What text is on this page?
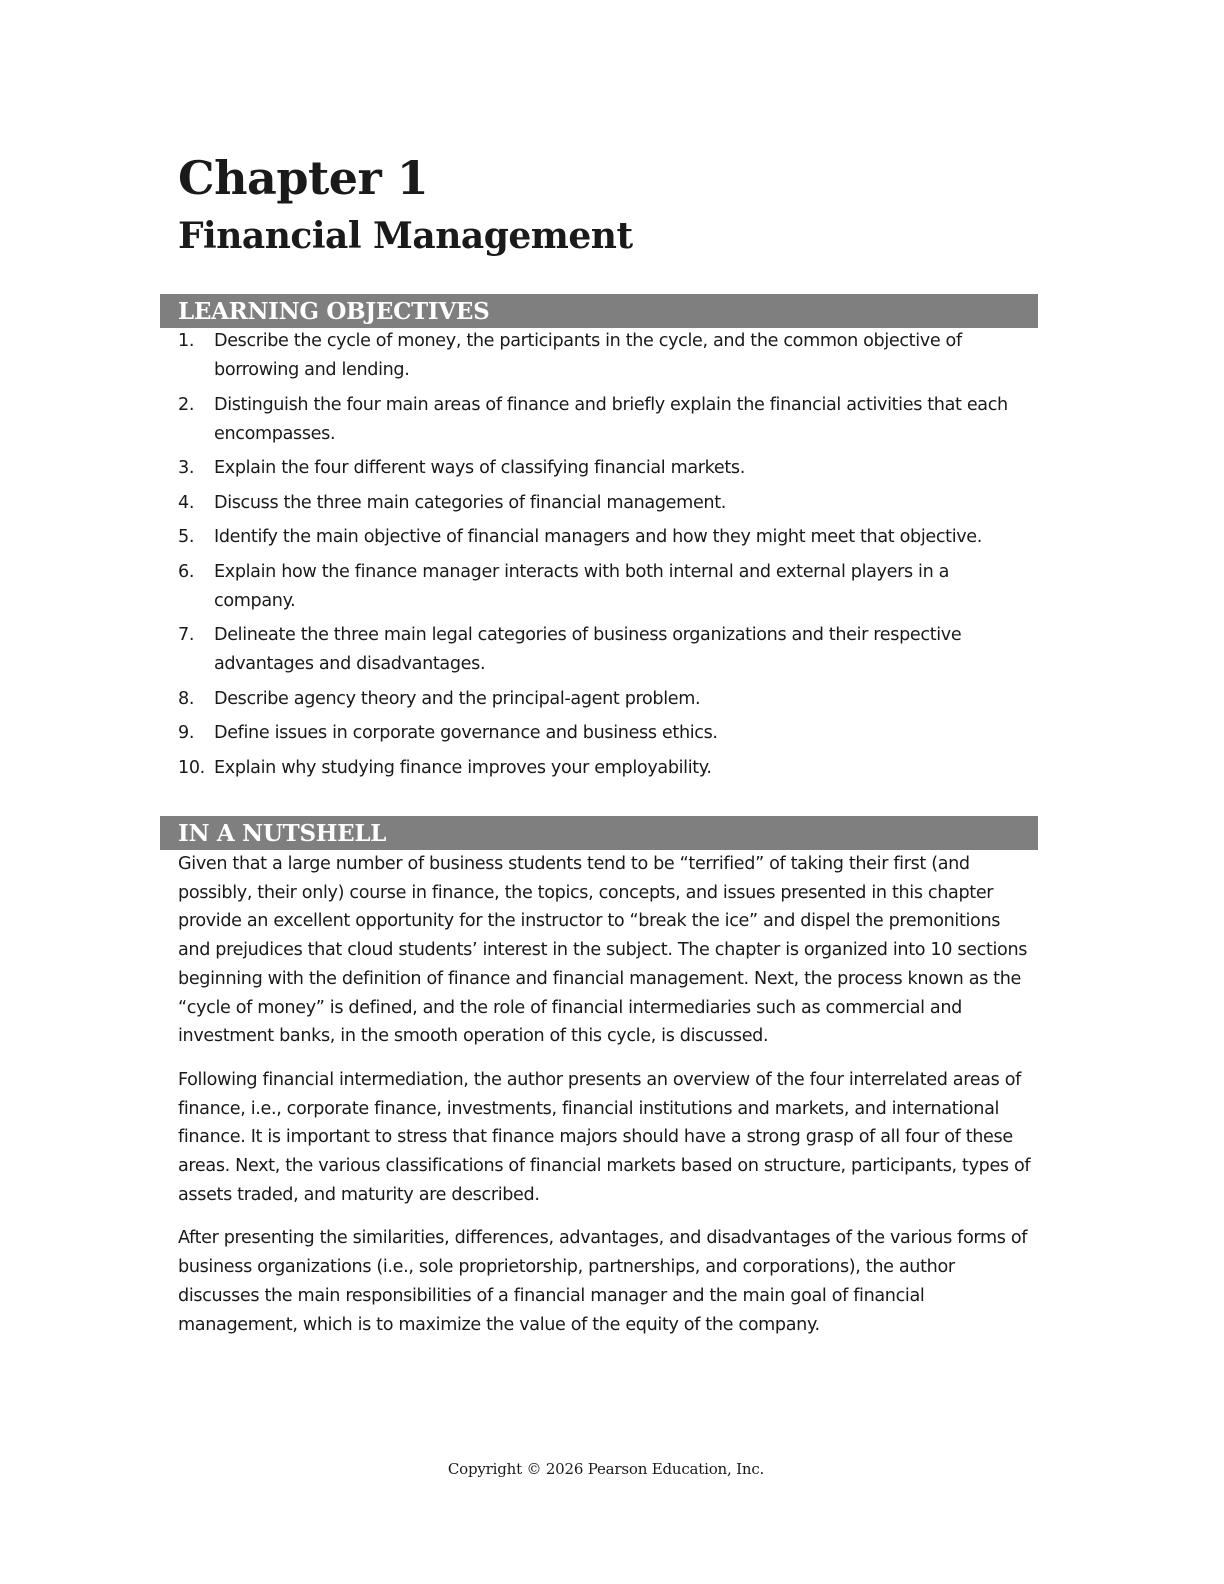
Chapter 1
Financial Management
LEARNING OBJECTIVES
1. Describe the cycle of money, the participants in the cycle, and the common objective of borrowing and lending.
2. Distinguish the four main areas of finance and briefly explain the financial activities that each encompasses.
3. Explain the four different ways of classifying financial markets.
4. Discuss the three main categories of financial management.
5. Identify the main objective of financial managers and how they might meet that objective.
6. Explain how the finance manager interacts with both internal and external players in a company.
7. Delineate the three main legal categories of business organizations and their respective advantages and disadvantages.
8. Describe agency theory and the principal-agent problem.
9. Define issues in corporate governance and business ethics.
10. Explain why studying finance improves your employability.
IN A NUTSHELL

Given that a large number of business students tend to be “terrified” of taking their first (and possibly, their only) course in finance, the topics, concepts, and issues presented in this chapter provide an excellent opportunity for the instructor to “break the ice” and dispel the premonitions and prejudices that cloud students’ interest in the subject. The chapter is organized into 10 sections beginning with the definition of finance and financial management. Next, the process known as the “cycle of money” is defined, and the role of financial intermediaries such as commercial and investment banks, in the smooth operation of this cycle, is discussed.

Following financial intermediation, the author presents an overview of the four interrelated areas of finance, i.e., corporate finance, investments, financial institutions and markets, and international finance. It is important to stress that finance majors should have a strong grasp of all four of these areas. Next, the various classifications of financial markets based on structure, participants, types of assets traded, and maturity are described.

After presenting the similarities, differences, advantages, and disadvantages of the various forms of business organizations (i.e., sole proprietorship, partnerships, and corporations), the author discusses the main responsibilities of a financial manager and the main goal of financial management, which is to maximize the value of the equity of the company.

Copyright © 2026 Pearson Education, Inc.
